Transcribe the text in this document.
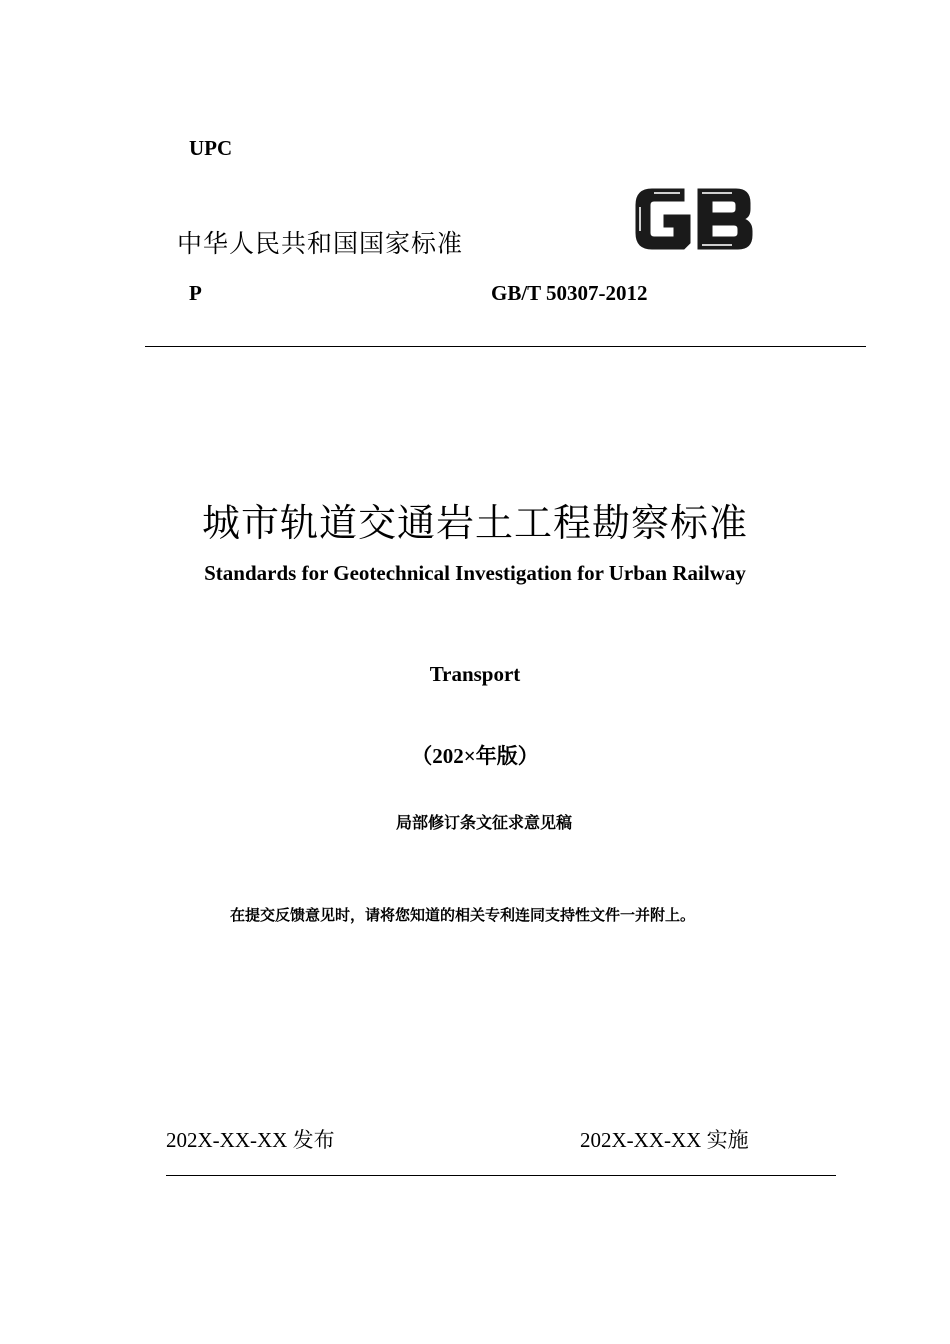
UPC
中华人民共和国国家标准
P	GB/T 50307-2012
城市轨道交通岩土工程勘察标准
Standards for Geotechnical Investigation for Urban Railway
Transport
（202×年版）
局部修订条文征求意见稿
在提交反馈意见时，请将您知道的相关专利连同支持性文件一并附上。
202X-XX-XX 发布	202X-XX-XX 实施
